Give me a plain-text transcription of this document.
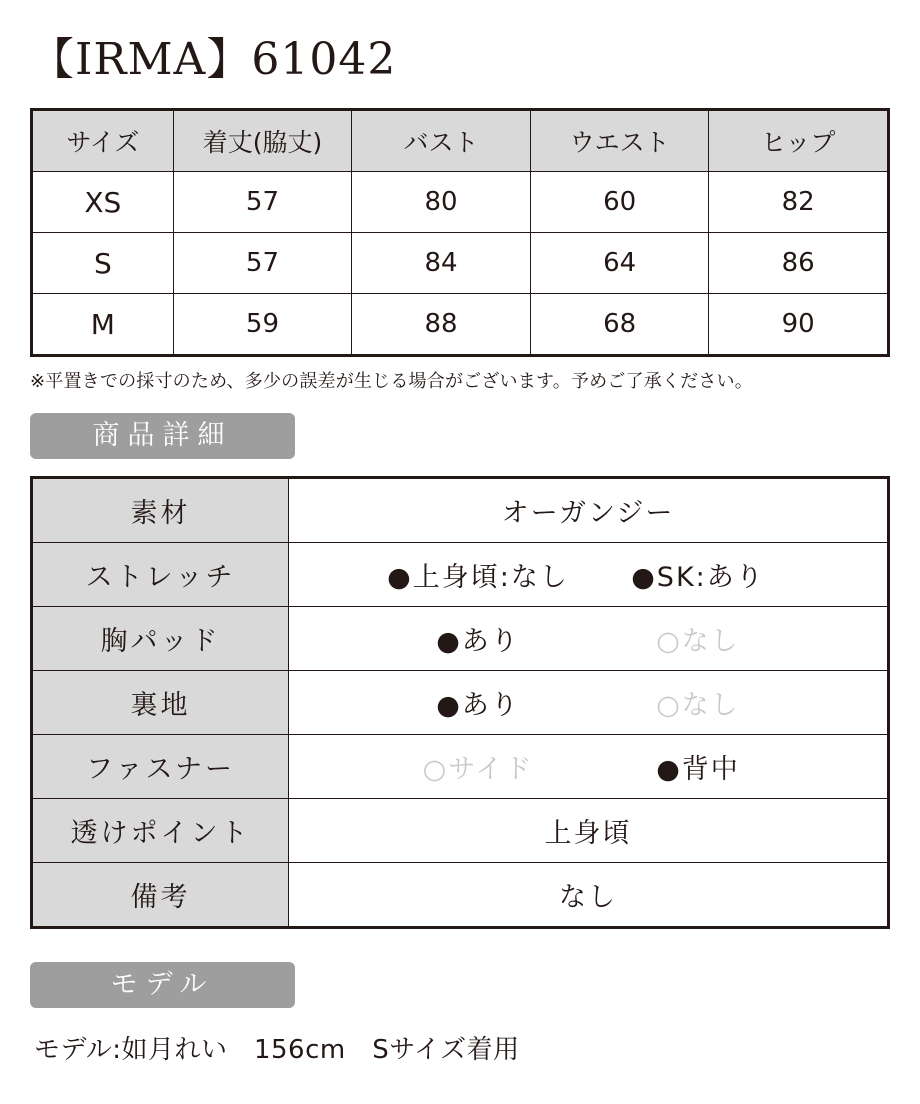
【IRMA】61042
サイズ	着丈(脇丈)	バスト	ウエスト	ヒップ
XS	57	80	60	82
S	57	84	64	86
M	59	88	68	90
※平置きでの採寸のため、多少の誤差が生じる場合がございます。予めご了承ください。
商品詳細
素材	オーガンジー
ストレッチ	●上身頃:なし ●SK:あり

胸パッド	●あり ○なし

裏地	●あり ○なし

ファスナー	○サイド ●背中

透けポイント	上身頃
備考	なし
モデル
モデル:如月れい　156cm　Sサイズ着用
